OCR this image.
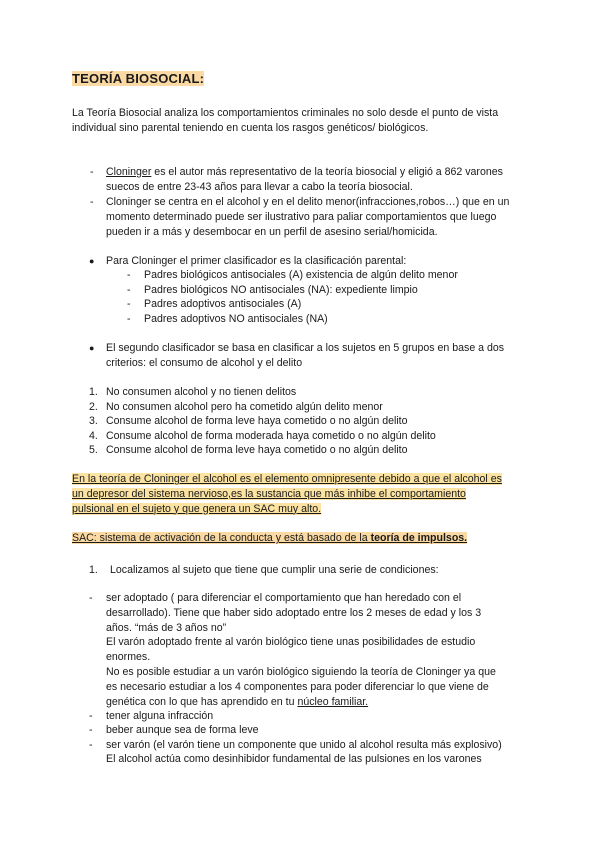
TEORÍA BIOSOCIAL:

La Teoría Biosocial analiza los comportamientos criminales no solo desde el punto de vista individual sino parental teniendo en cuenta los rasgos genéticos/ biológicos.

- Cloninger es el autor más representativo de la teoría biosocial y eligió a 862 varones suecos de entre 23-43 años para llevar a cabo la teoría biosocial.

- Cloninger se centra en el alcohol y en el delito menor(infracciones,robos…) que en un momento determinado puede ser ilustrativo para paliar comportamientos que luego pueden ir a más y desembocar en un perfil de asesino serial/homicida.

● Para Cloninger el primer clasificador es la clasificación parental:

- Padres biológicos antisociales (A) existencia de algún delito menor
- Padres biológicos NO antisociales (NA): expediente limpio
- Padres adoptivos antisociales (A)
- Padres adoptivos NO antisociales (NA)
● El segundo clasificador se basa en clasificar a los sujetos en 5 grupos en base a dos criterios: el consumo de alcohol y el delito

1. No consumen alcohol y no tienen delitos
2. No consumen alcohol pero ha cometido algún delito menor
3. Consume alcohol de forma leve haya cometido o no algún delito
4. Consume alcohol de forma moderada haya cometido o no algún delito
5. Consume alcohol de forma leve haya cometido o no algún delito
En la teoría de Cloninger el alcohol es el elemento omnipresente debido a que el alcohol es
un depresor del sistema nervioso,es la sustancia que más inhibe el comportamiento
pulsional en el sujeto y que genera un SAC muy alto.
SAC: sistema de activación de la conducta y está basado de la teoría de impulsos.
1. Localizamos al sujeto que tiene que cumplir una serie de condiciones:
- ser adoptado ( para diferenciar el comportamiento que han heredado con el
desarrollado). Tiene que haber sido adoptado entre los 2 meses de edad y los 3
años. “más de 3 años no”
El varón adoptado frente al varón biológico tiene unas posibilidades de estudio
enormes.
No es posible estudiar a un varón biológico siguiendo la teoría de Cloninger ya que
es necesario estudiar a los 4 componentes para poder diferenciar lo que viene de
genética con lo que has aprendido en tu núcleo familiar.
- tener alguna infracción
- beber aunque sea de forma leve
- ser varón (el varón tiene un componente que unido al alcohol resulta más explosivo)
El alcohol actúa como desinhibidor fundamental de las pulsiones en los varones
